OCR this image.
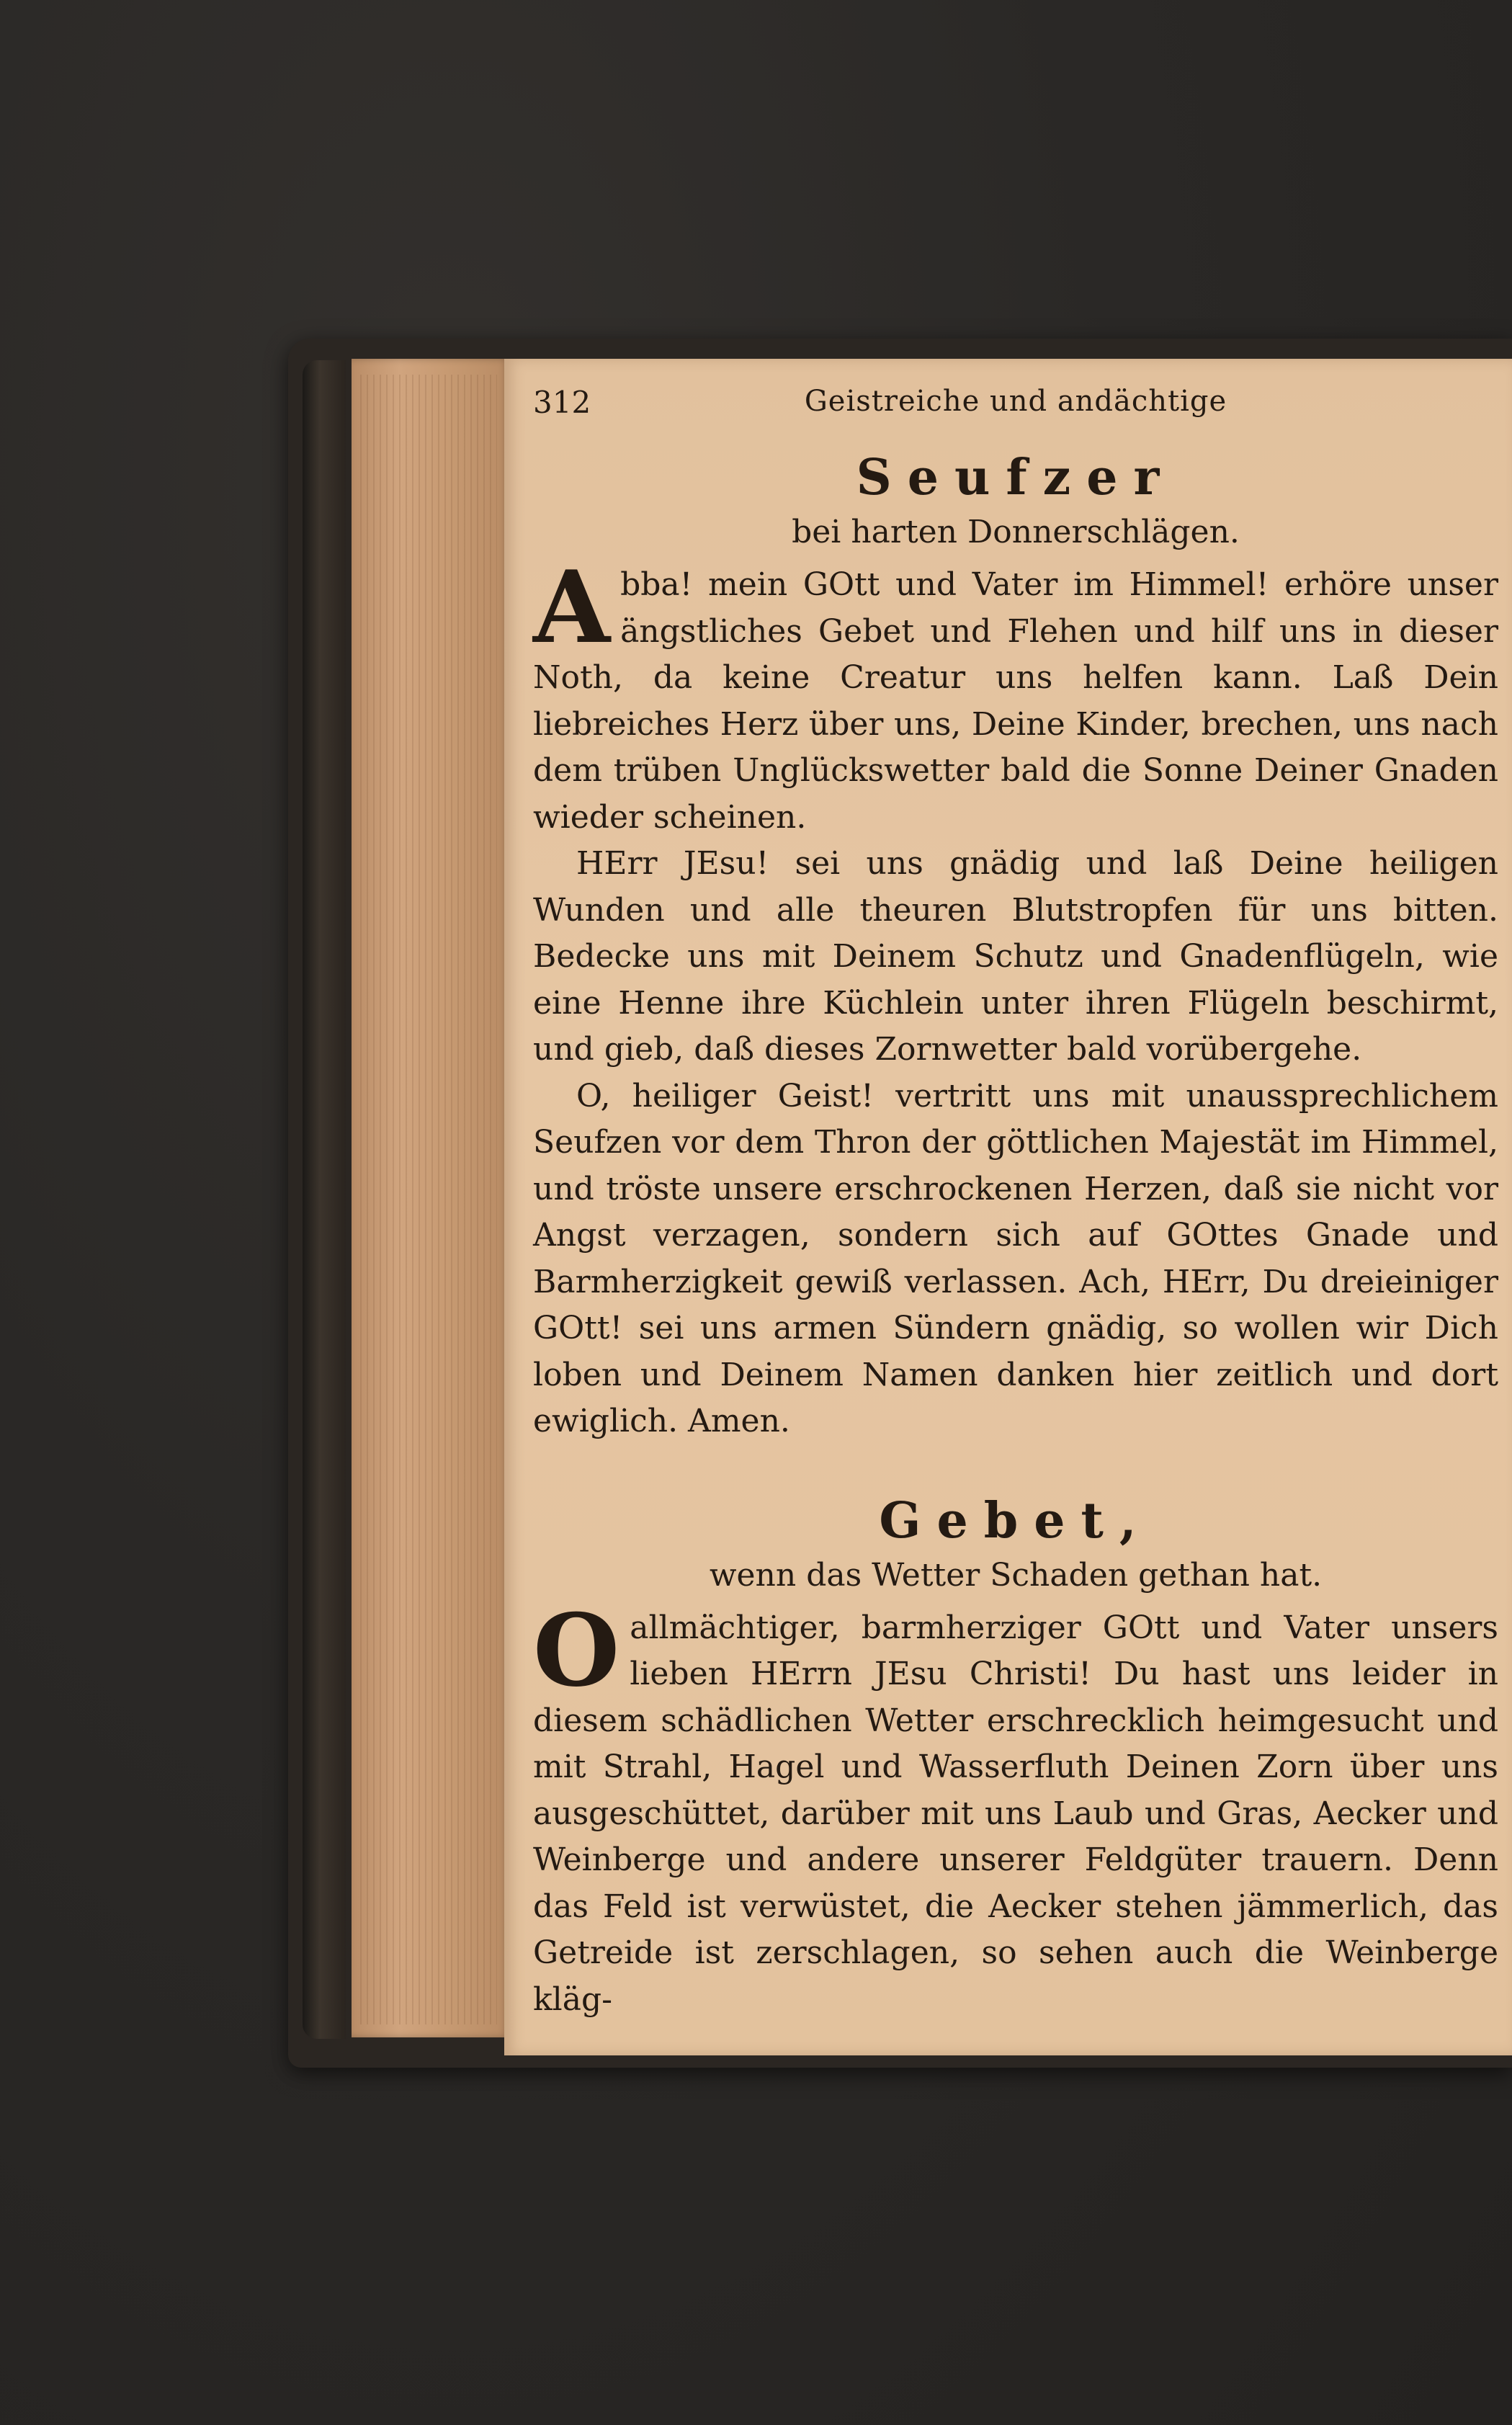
312	Geistreiche und andächtige
Seufzer
bei harten Donnerschlägen.

Abba! mein GOtt und Vater im Himmel! erhöre unser ängstliches Gebet und Flehen und hilf uns in dieser Noth, da keine Creatur uns helfen kann. Laß Dein liebreiches Herz über uns, Deine Kinder, brechen, uns nach dem trüben Unglückswetter bald die Sonne Deiner Gnaden wieder scheinen.

HErr JEsu! sei uns gnädig und laß Deine heiligen Wunden und alle theuren Blutstropfen für uns bitten. Bedecke uns mit Deinem Schutz und Gnadenflügeln, wie eine Henne ihre Küchlein unter ihren Flügeln beschirmt, und gieb, daß dieses Zornwetter bald vorübergehe.

O, heiliger Geist! vertritt uns mit unaussprechlichem Seufzen vor dem Thron der göttlichen Majestät im Himmel, und tröste unsere erschrockenen Herzen, daß sie nicht vor Angst verzagen, sondern sich auf GOttes Gnade und Barmherzigkeit gewiß verlassen. Ach, HErr, Du dreieiniger GOtt! sei uns armen Sündern gnädig, so wollen wir Dich loben und Deinem Namen danken hier zeitlich und dort ewiglich. Amen.

Gebet,
wenn das Wetter Schaden gethan hat.

Oallmächtiger, barmherziger GOtt und Vater unsers lieben HErrn JEsu Christi! Du hast uns leider in diesem schädlichen Wetter erschrecklich heimgesucht und mit Strahl, Hagel und Wasserfluth Deinen Zorn über uns ausgeschüttet, darüber mit uns Laub und Gras, Aecker und Weinberge und andere unserer Feldgüter trauern. Denn das Feld ist verwüstet, die Aecker stehen jämmerlich, das Getreide ist zerschlagen, so sehen auch die Weinberge kläg-
